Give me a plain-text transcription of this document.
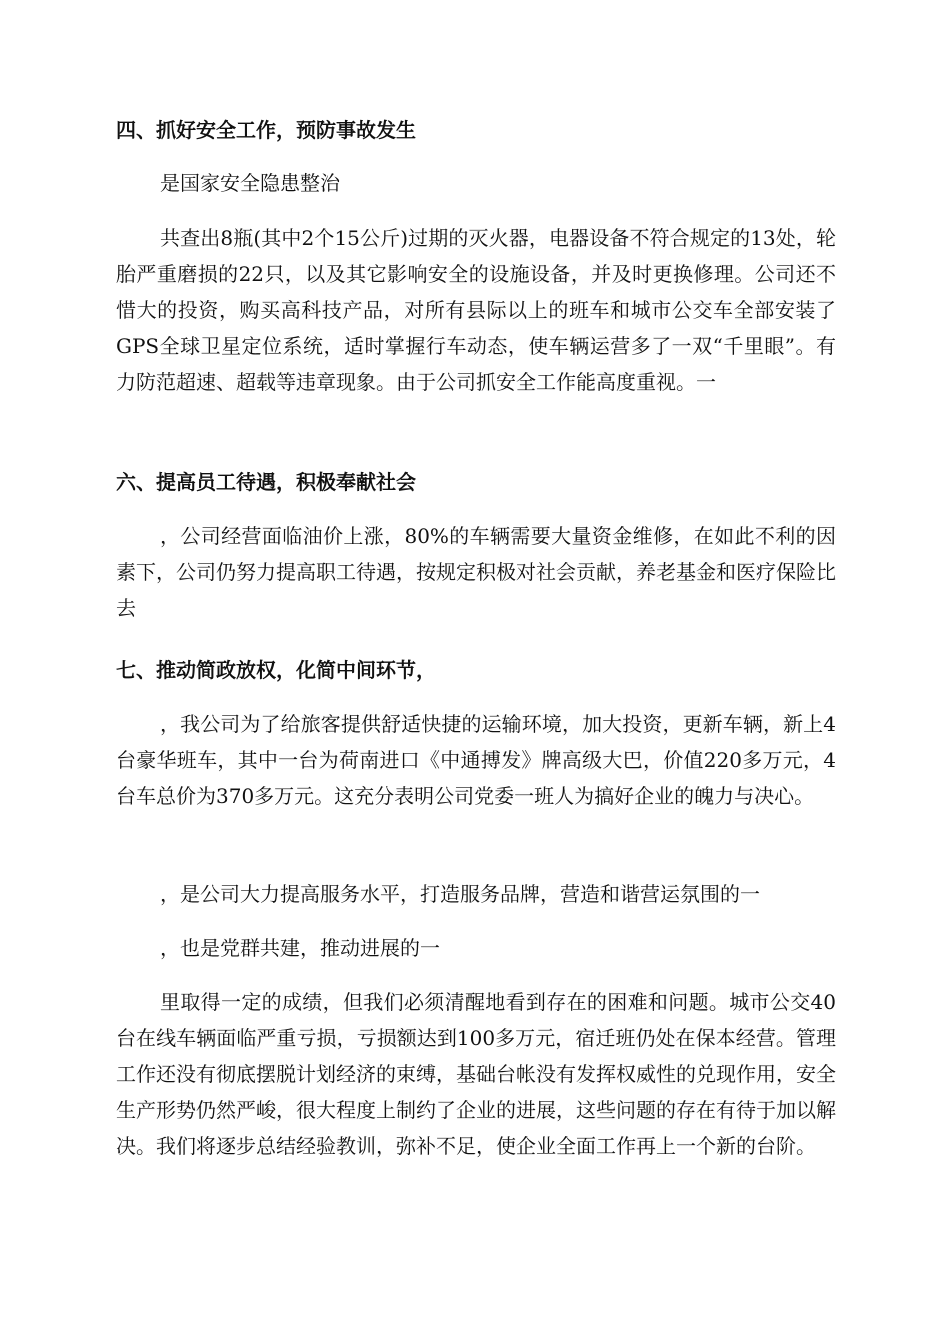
四、抓好安全工作，预防事故发生

是国家安全隐患整治

共查出8瓶(其中2个15公斤)过期的灭火器，电器设备不符合规定的13处，轮胎严重磨损的22只，以及其它影响安全的设施设备，并及时更换修理。公司还不惜大的投资，购买高科技产品，对所有县际以上的班车和城市公交车全部安装了GPS全球卫星定位系统，适时掌握行车动态，使车辆运营多了一双“千里眼”。有力防范超速、超载等违章现象。由于公司抓安全工作能高度重视。一

六、提高员工待遇，积极奉献社会

，公司经营面临油价上涨，80%的车辆需要大量资金维修，在如此不利的因素下，公司仍努力提高职工待遇，按规定积极对社会贡献，养老基金和医疗保险比去

七、推动简政放权，化简中间环节，

，我公司为了给旅客提供舒适快捷的运输环境，加大投资，更新车辆，新上4台豪华班车，其中一台为荷南进口《中通搏发》牌高级大巴，价值220多万元，4台车总价为370多万元。这充分表明公司党委一班人为搞好企业的魄力与决心。

，是公司大力提高服务水平，打造服务品牌，营造和谐营运氛围的一

，也是党群共建，推动进展的一

里取得一定的成绩，但我们必须清醒地看到存在的困难和问题。城市公交40台在线车辆面临严重亏损，亏损额达到100多万元，宿迁班仍处在保本经营。管理工作还没有彻底摆脱计划经济的束缚，基础台帐没有发挥权威性的兑现作用，安全生产形势仍然严峻，很大程度上制约了企业的进展，这些问题的存在有待于加以解决。我们将逐步总结经验教训，弥补不足，使企业全面工作再上一个新的台阶。
